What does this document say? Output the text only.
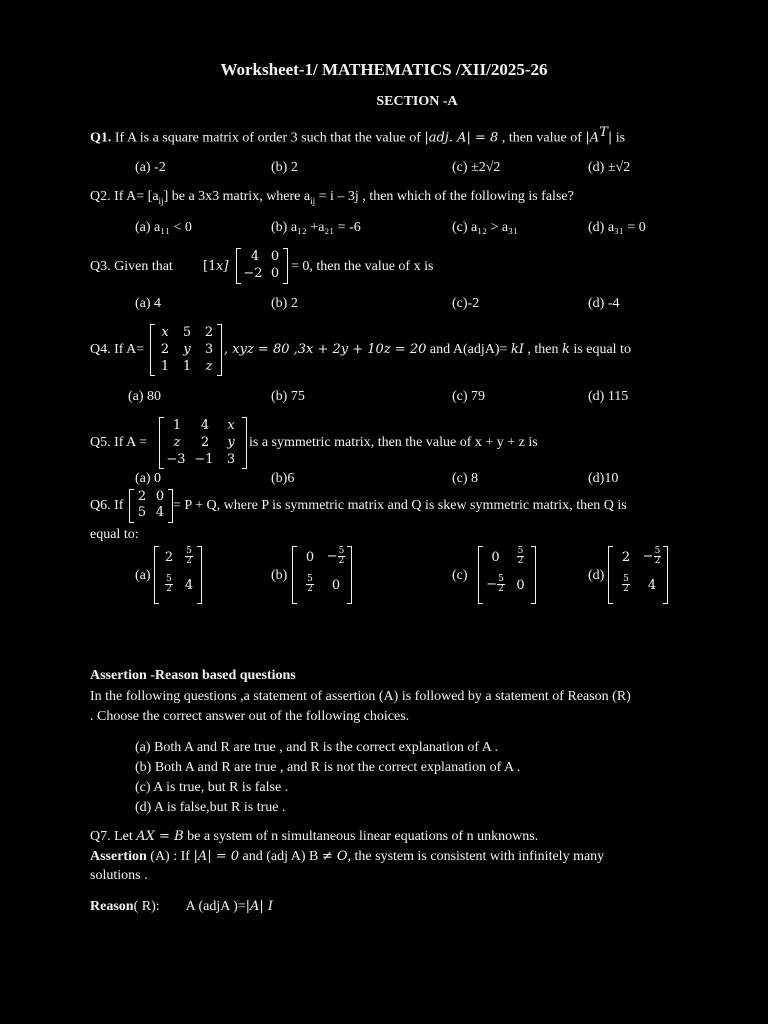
Worksheet-1/ MATHEMATICS /XII/2025-26
SECTION -A
Q1. If A is a square matrix of order 3 such that the value of |adj. A| = 8 , then value of $|A^T|$ is
(a) -2	(b) 2	(c) ±2√2	(d) ±√2
Q2. If $A= [a_{ij}]$ be a 3x3 matrix, where $a_{ij} = i - 3j$ , then which of the following is false?
(a) a₁₁ < 0	(b) a₁₂ +a₂₁ = -6	(c) a₁₂ > a₃₁	(d) a₃₁ = 0
Q3. Given that [1 x]
4 0
−2 0 = 0, then the value of x is
(a) 4	(b) 2	(c)-2	(d) -4
Q4. If A=
x	5	2
2	y	3
1	1	z
, xyz = 80 ,3x + 2y + 10z = 20 and A(adjA)= kI , then k is equal to
(a) 80	(b) 75	(c) 79	(d) 115
Q5. If A =
1	4	x
z	2	y
−3 −1	3
is a symmetric matrix, then the value of x + y + z is
(a) 0	(b)6	(c) 8	(d)10
Q6. If
2 0
5 4 = P + Q, where P is symmetric matrix and Q is skew symmetric matrix, then Q is
equal to:
(a)
2	$\frac{5}{2}$
$\frac{5}{2} 4$
(b)
$0 - \frac{5}{2}$
$\frac{5}{2}$	0
(c)
0	$\frac{5}{2}$
− $\frac{5}{2} 0$
(d)
$2 - \frac{5}{2}$
$\frac{5}{2}$	4
Assertion -Reason based questions
In the following questions ,a statement of assertion (A) is followed by a statement of Reason (R)
. Choose the correct answer out of the following choices.
(a) Both A and R are true , and R is the correct explanation of A .
(b) Both A and R are true , and R is not the correct explanation of A .
(c) A is true, but R is false .
(d) A is false,but R is true .
Q7. Let AX = B be a system of n simultaneous linear equations of n unknowns.
Assertion (A) : If |A| = 0 and (adj A) B ≠ O, the system is consistent with infinitely many
solutions .
Reason( R): A (adjA )=|A| I
